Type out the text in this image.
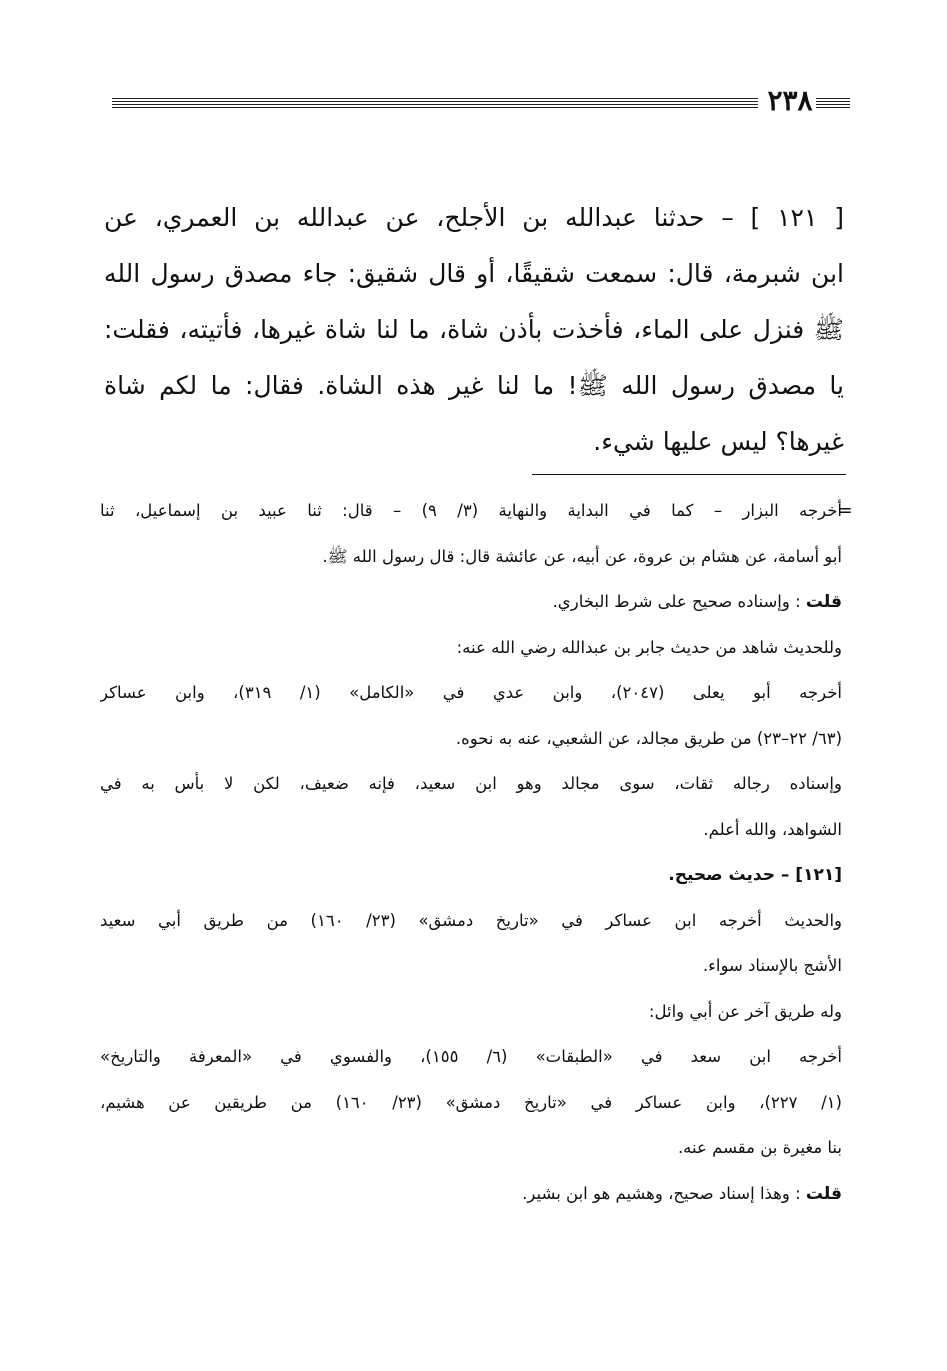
٢٣٨
[ ١٢١ ] – حدثنا عبدالله بن الأجلح، عن عبدالله بن العمري، عن
ابن شبرمة، قال: سمعت شقيقًا، أو قال شقيق: جاء مصدق رسول الله
ﷺ فنزل على الماء، فأخذت بأذن شاة، ما لنا شاة غيرها، فأتيته، فقلت:
يا مصدق رسول الله ﷺ! ما لنا غير هذه الشاة. فقال: ما لكم شاة
غيرها؟ ليس عليها شيء.
=
أخرجه البزار – كما في البداية والنهاية (٣/ ٩) – قال: ثنا عبيد بن إسماعيل، ثنا
أبو أسامة، عن هشام بن عروة، عن أبيه، عن عائشة قال: قال رسول الله ﷺ.
قلت : وإسناده صحيح على شرط البخاري.
وللحديث شاهد من حديث جابر بن عبدالله رضي الله عنه:
أخرجه أبو يعلى (٢٠٤٧)، وابن عدي في «الكامل» (١/ ٣١٩)، وابن عساكر
(٦٣/ ٢٢–٢٣) من طريق مجالد، عن الشعبي، عنه به نحوه.
وإسناده رجاله ثقات، سوى مجالد وهو ابن سعيد، فإنه ضعيف، لكن لا بأس به في
الشواهد، والله أعلم.
[١٢١] – حديث صحيح.
والحديث أخرجه ابن عساكر في «تاريخ دمشق» (٢٣/ ١٦٠) من طريق أبي سعيد
الأشج بالإسناد سواء.
وله طريق آخر عن أبي وائل:
أخرجه ابن سعد في «الطبقات» (٦/ ١٥٥)، والفسوي في «المعرفة والتاريخ»
(١/ ٢٢٧)، وابن عساكر في «تاريخ دمشق» (٢٣/ ١٦٠) من طريقين عن هشيم،
بنا مغيرة بن مقسم عنه.
قلت : وهذا إسناد صحيح، وهشيم هو ابن بشير.
